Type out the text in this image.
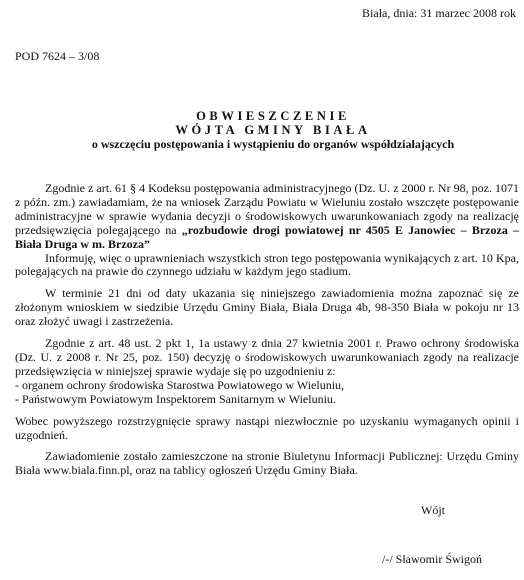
Biała, dnia: 31 marzec 2008 rok
POD 7624 – 3/08
OBWIESZCZENIE
WÓJTA GMINY BIAŁA
o wszczęciu postępowania i wystąpieniu do organów współdziałających

Zgodnie z art. 61 § 4 Kodeksu postępowania administracyjnego (Dz. U. z 2000 r. Nr 98, poz. 1071 z późn. zm.) zawiadamiam, że na wniosek Zarządu Powiatu w Wieluniu zostało wszczęte postępowanie administracyjne w sprawie wydania decyzji o środowiskowych uwarunkowaniach zgody na realizację przedsięwzięcia polegającego na „rozbudowie drogi powiatowej nr 4505 E Janowiec – Brzoza – Biała Druga w m. Brzoza”

Informuję, więc o uprawnieniach wszystkich stron tego postępowania wynikających z art. 10 Kpa, polegających na prawie do czynnego udziału w każdym jego stadium.

W terminie 21 dni od daty ukazania się niniejszego zawiadomienia można zapoznać się ze złożonym wnioskiem w siedzibie Urzędu Gminy Biała, Biała Druga 4b, 98-350 Biała w pokoju nr 13 oraz złożyć uwagi i zastrzeżenia.

Zgodnie z art. 48 ust. 2 pkt 1, 1a ustawy z dnia 27 kwietnia 2001 r. Prawo ochrony środowiska (Dz. U. z 2008 r. Nr 25, poz. 150) decyzję o środowiskowych uwarunkowaniach zgody na realizacje przedsięwzięcia w niniejszej sprawie wydaje się po uzgodnieniu z:

- organem ochrony środowiska Starostwa Powiatowego w Wieluniu,

- Państwowym Powiatowym Inspektorem Sanitarnym w Wieluniu.

Wobec powyższego rozstrzygnięcie sprawy nastąpi niezwłocznie po uzyskaniu wymaganych opinii i uzgodnień.

Zawiadomienie zostało zamieszczone na stronie Biuletynu Informacji Publicznej: Urzędu Gminy Biała www.biala.finn.pl, oraz na tablicy ogłoszeń Urzędu Gminy Biała.

Wójt
/-/ Sławomir Świgoń
